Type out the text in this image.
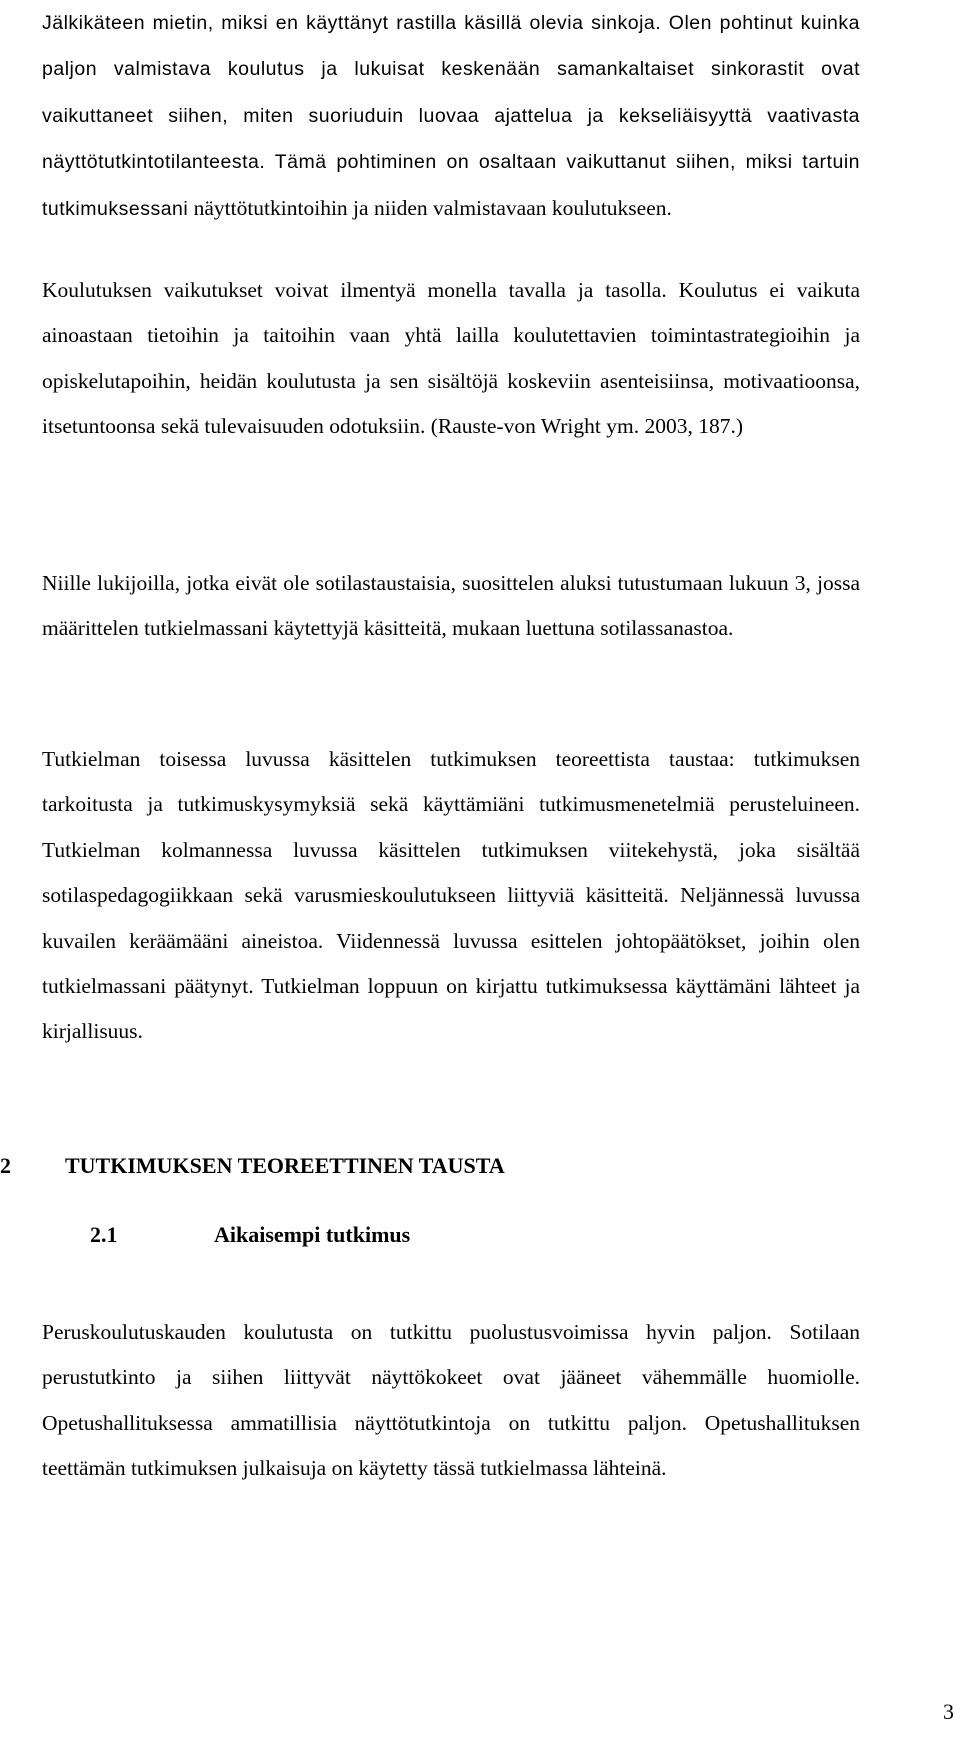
Jälkikäteen mietin, miksi en käyttänyt rastilla käsillä olevia sinkoja. Olen pohtinut kuinka paljon valmistava koulutus ja lukuisat keskenään samankaltaiset sinkorastit ovat vaikuttaneet siihen, miten suoriuduin luovaa ajattelua ja kekseliäisyyttä vaativasta näyttötutkintotilanteesta. Tämä pohtiminen on osaltaan vaikuttanut siihen, miksi tartuin tutkimuksessani näyttötutkintoihin ja niiden valmistavaan koulutukseen.

Koulutuksen vaikutukset voivat ilmentyä monella tavalla ja tasolla. Koulutus ei vaikuta ainoastaan tietoihin ja taitoihin vaan yhtä lailla koulutettavien toimintastrategioihin ja opiskelutapoihin, heidän koulutusta ja sen sisältöjä koskeviin asenteisiinsa, motivaatioonsa, itsetuntoonsa sekä tulevaisuuden odotuksiin. (Rauste-von Wright ym. 2003, 187.)

Niille lukijoilla, jotka eivät ole sotilastaustaisia, suosittelen aluksi tutustumaan lukuun 3, jossa määrittelen tutkielmassani käytettyjä käsitteitä, mukaan luettuna sotilassanastoa.

Tutkielman toisessa luvussa käsittelen tutkimuksen teoreettista taustaa: tutkimuksen tarkoitusta ja tutkimuskysymyksiä sekä käyttämiäni tutkimusmenetelmiä perusteluineen. Tutkielman kolmannessa luvussa käsittelen tutkimuksen viitekehystä, joka sisältää sotilaspedagogiikkaan sekä varusmieskoulutukseen liittyviä käsitteitä. Neljännessä luvussa kuvailen keräämääni aineistoa. Viidennessä luvussa esittelen johtopäätökset, joihin olen tutkielmassani päätynyt. Tutkielman loppuun on kirjattu tutkimuksessa käyttämäni lähteet ja kirjallisuus.

2 TUTKIMUKSEN TEOREETTINEN TAUSTA
2.1	Aikaisempi tutkimus

Peruskoulutuskauden koulutusta on tutkittu puolustusvoimissa hyvin paljon. Sotilaan perustutkinto ja siihen liittyvät näyttökokeet ovat jääneet vähemmälle huomiolle. Opetushallituksessa ammatillisia näyttötutkintoja on tutkittu paljon. Opetushallituksen teettämän tutkimuksen julkaisuja on käytetty tässä tutkielmassa lähteinä.

3
